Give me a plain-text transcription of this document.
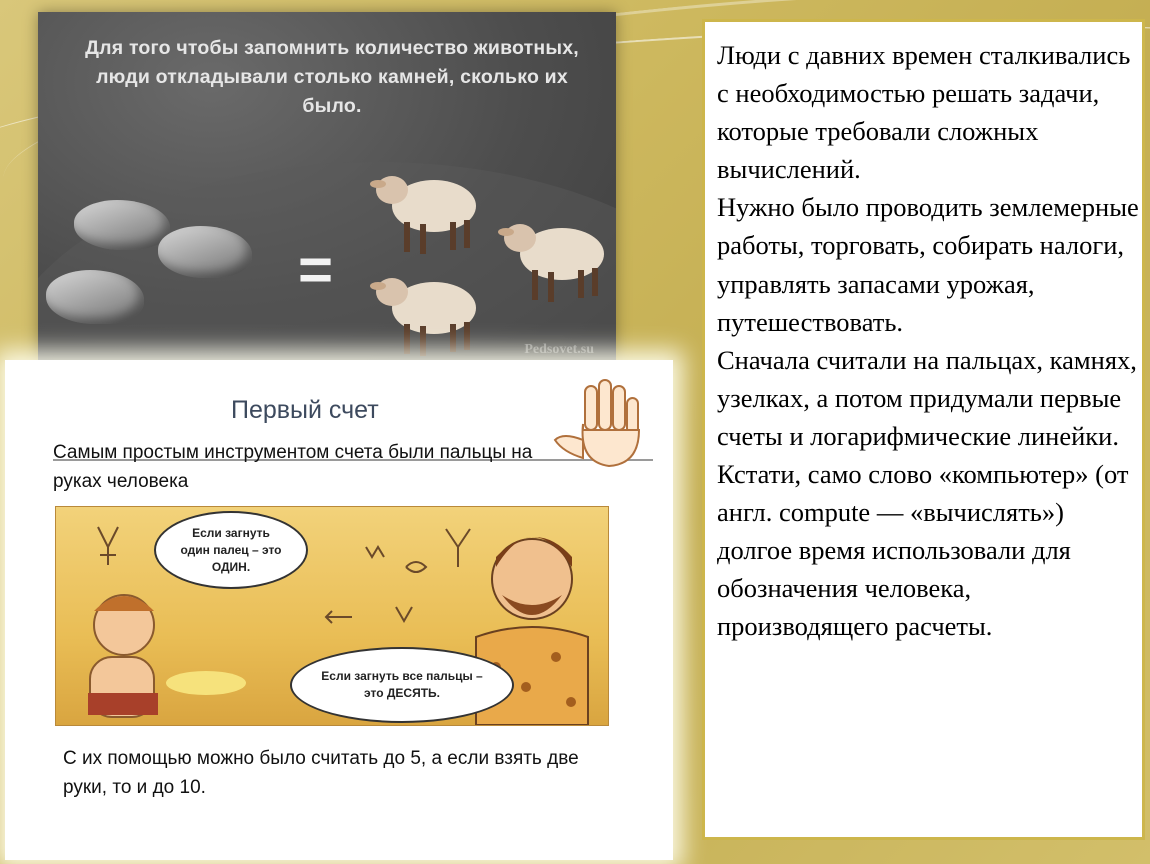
Для того чтобы запомнить количество животных, люди откладывали столько камней, сколько их было.
=
Pedsovet.su
Первый счет
Самым простым инструментом счета были пальцы на руках человека
Если загнуть один палец – это ОДИН.
Если загнуть все пальцы – это ДЕСЯТЬ.
С их помощью можно было считать до 5, а если взять две руки, то и до 10.
Люди с давних времен сталкивались с необходимостью решать задачи, которые требовали сложных вычислений.
Нужно было проводить землемерные работы, торговать, собирать налоги, управлять запасами урожая, путешествовать.
Сначала считали на пальцах, камнях, узелках, а потом придумали первые счеты и логарифмические линейки.
Кстати, само слово «компьютер» (от англ. compute — «вычислять») долгое время использовали для обозначения человека, производящего расчеты.
